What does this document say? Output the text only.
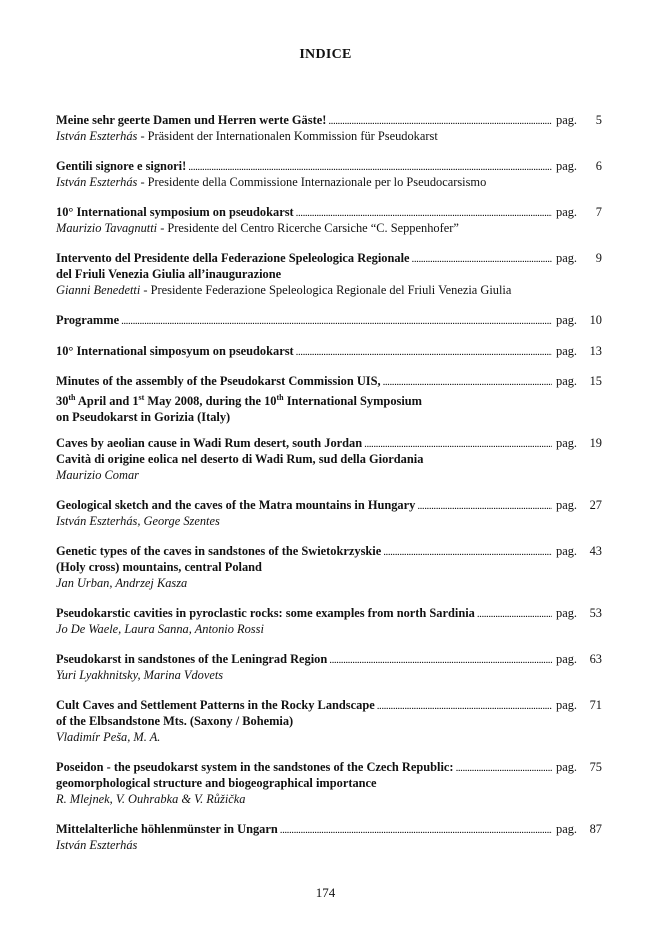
INDICE
Meine sehr geerte Damen und Herren werte Gäste! . . .	pag.	5
István Eszterhás - Präsident der Internationalen Kommission für Pseudokarst
Gentili signore e signori! . . .	pag.	6
István Eszterhás - Presidente della Commissione Internazionale per lo Pseudocarsismo
10° International symposium on pseudokarst . . .	pag.	7
Maurizio Tavagnutti - Presidente del Centro Ricerche Carsiche “C. Seppenhofer”
Intervento del Presidente della Federazione Speleologica Regionale . . .	pag.	9
del Friuli Venezia Giulia all’inaugurazione
Gianni Benedetti - Presidente Federazione Speleologica Regionale del Friuli Venezia Giulia
Programme . . .	pag.	10
10° International simposyum on pseudokarst . . .	pag.	13
Minutes of the assembly of the Pseudokarst Commission UIS, . . .	pag.	15
30th April and 1st May 2008, during the 10th International Symposium
on Pseudokarst in Gorizia (Italy)
Caves by aeolian cause in Wadi Rum desert, south Jordan . . .	pag.	19
Cavità di origine eolica nel deserto di Wadi Rum, sud della Giordania
Maurizio Comar
Geological sketch and the caves of the Matra mountains in Hungary . . .	pag.	27
István Eszterhás, George Szentes
Genetic types of the caves in sandstones of the Swietokrzyskie . . .	pag.	43
(Holy cross) mountains, central Poland
Jan Urban, Andrzej Kasza
Pseudokarstic cavities in pyroclastic rocks: some examples from north Sardinia . . .	pag.	53
Jo De Waele, Laura Sanna, Antonio Rossi
Pseudokarst in sandstones of the Leningrad Region . . .	pag.	63
Yuri Lyakhnitsky, Marina Vdovets
Cult Caves and Settlement Patterns in the Rocky Landscape . . .	pag.	71
of the Elbsandstone Mts. (Saxony / Bohemia)
Vladimír Peša, M. A.
Poseidon - the pseudokarst system in the sandstones of the Czech Republic: . . .	pag.	75
geomorphological structure and biogeographical importance
R. Mlejnek, V. Ouhrabka & V. Růžička
Mittelalterliche höhlenmünster in Ungarn . . .	pag.	87
István Eszterhás
174
